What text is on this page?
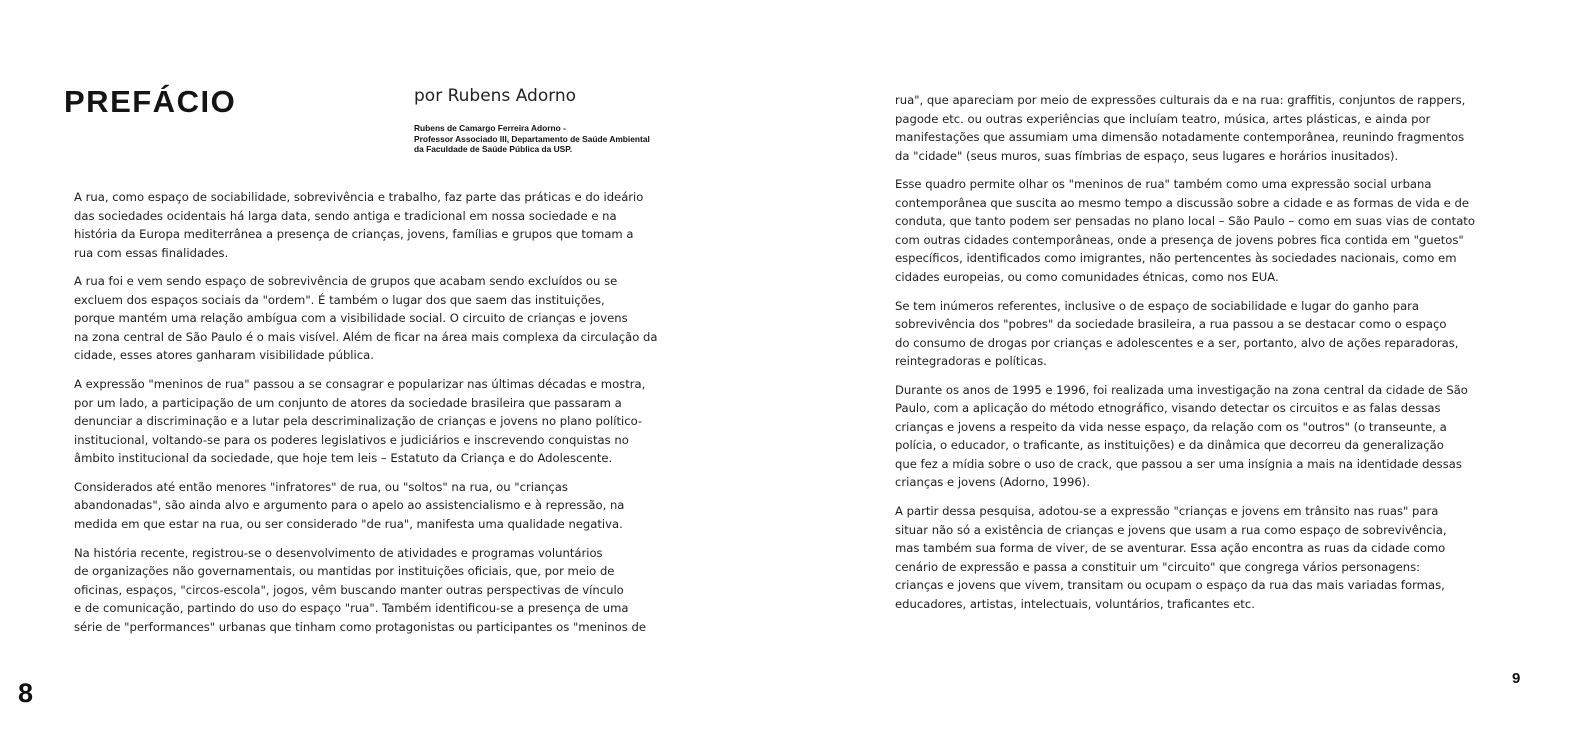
PREFÁCIO	por Rubens Adorno

Rubens de Camargo Ferreira Adorno -
Professor Associado III, Departamento de Saúde Ambiental
da Faculdade de Saúde Pública da USP.

A rua, como espaço de sociabilidade, sobrevivência e trabalho, faz parte das práticas e do ideário
das sociedades ocidentais há larga data, sendo antiga e tradicional em nossa sociedade e na
história da Europa mediterrânea a presença de crianças, jovens, famílias e grupos que tomam a
rua com essas finalidades.

A rua foi e vem sendo espaço de sobrevivência de grupos que acabam sendo excluídos ou se
excluem dos espaços sociais da "ordem". É também o lugar dos que saem das instituições,
porque mantém uma relação ambígua com a visibilidade social. O circuito de crianças e jovens
na zona central de São Paulo é o mais visível. Além de ficar na área mais complexa da circulação da
cidade, esses atores ganharam visibilidade pública.

A expressão "meninos de rua" passou a se consagrar e popularizar nas últimas décadas e mostra,
por um lado, a participação de um conjunto de atores da sociedade brasileira que passaram a
denunciar a discriminação e a lutar pela descriminalização de crianças e jovens no plano político-
institucional, voltando-se para os poderes legislativos e judiciários e inscrevendo conquistas no
âmbito institucional da sociedade, que hoje tem leis – Estatuto da Criança e do Adolescente.

Considerados até então menores "infratores" de rua, ou "soltos" na rua, ou "crianças
abandonadas", são ainda alvo e argumento para o apelo ao assistencialismo e à repressão, na
medida em que estar na rua, ou ser considerado "de rua", manifesta uma qualidade negativa.

Na história recente, registrou-se o desenvolvimento de atividades e programas voluntários
de organizações não governamentais, ou mantidas por instituições oficiais, que, por meio de
oficinas, espaços, "circos-escola", jogos, vêm buscando manter outras perspectivas de vínculo
e de comunicação, partindo do uso do espaço "rua". Também identificou-se a presença de uma
série de "performances" urbanas que tinham como protagonistas ou participantes os "meninos de

rua", que apareciam por meio de expressões culturais da e na rua: graffitis, conjuntos de rappers,
pagode etc. ou outras experiências que incluíam teatro, música, artes plásticas, e ainda por
manifestações que assumiam uma dimensão notadamente contemporânea, reunindo fragmentos
da "cidade" (seus muros, suas fímbrias de espaço, seus lugares e horários inusitados).

Esse quadro permite olhar os "meninos de rua" também como uma expressão social urbana
contemporânea que suscita ao mesmo tempo a discussão sobre a cidade e as formas de vida e de
conduta, que tanto podem ser pensadas no plano local – São Paulo – como em suas vias de contato
com outras cidades contemporâneas, onde a presença de jovens pobres fica contida em "guetos"
específicos, identificados como imigrantes, não pertencentes às sociedades nacionais, como em
cidades europeias, ou como comunidades étnicas, como nos EUA.

Se tem inúmeros referentes, inclusive o de espaço de sociabilidade e lugar do ganho para
sobrevivência dos "pobres" da sociedade brasileira, a rua passou a se destacar como o espaço
do consumo de drogas por crianças e adolescentes e a ser, portanto, alvo de ações reparadoras,
reintegradoras e políticas.

Durante os anos de 1995 e 1996, foi realizada uma investigação na zona central da cidade de São
Paulo, com a aplicação do método etnográfico, visando detectar os circuitos e as falas dessas
crianças e jovens a respeito da vida nesse espaço, da relação com os "outros" (o transeunte, a
polícia, o educador, o traficante, as instituições) e da dinâmica que decorreu da generalização
que fez a mídia sobre o uso de crack, que passou a ser uma insígnia a mais na identidade dessas
crianças e jovens (Adorno, 1996).

A partir dessa pesquisa, adotou-se a expressão "crianças e jovens em trânsito nas ruas" para
situar não só a existência de crianças e jovens que usam a rua como espaço de sobrevivência,
mas também sua forma de viver, de se aventurar. Essa ação encontra as ruas da cidade como
cenário de expressão e passa a constituir um "circuito" que congrega vários personagens:
crianças e jovens que vivem, transitam ou ocupam o espaço da rua das mais variadas formas,
educadores, artistas, intelectuais, voluntários, traficantes etc.

8	9
